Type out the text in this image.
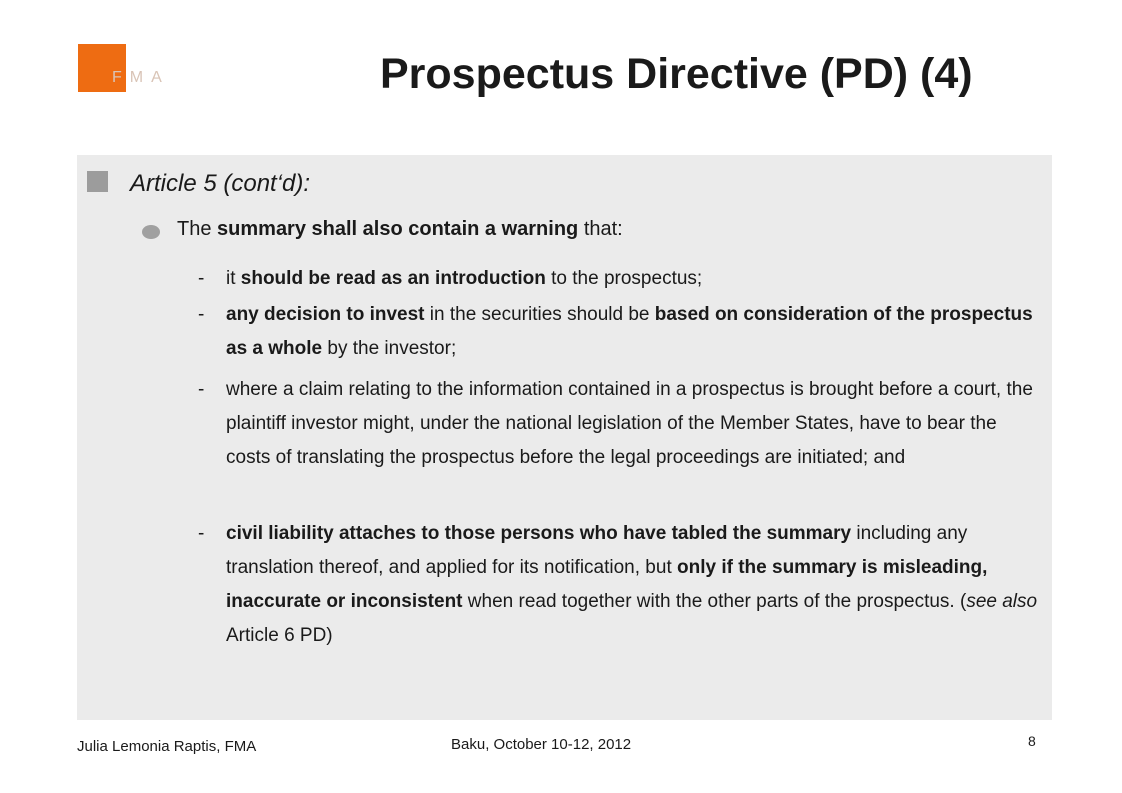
FMA	Prospectus Directive (PD) (4)
Article 5 (cont‘d):
The summary shall also contain a warning that:
- it should be read as an introduction to the prospectus;
- any decision to invest in the securities should be based on consideration of the prospectus as a whole by the investor;
- where a claim relating to the information contained in a prospectus is brought before a court, the plaintiff investor might, under the national legislation of the Member States, have to bear the costs of translating the prospectus before the legal proceedings are initiated; and
- civil liability attaches to those persons who have tabled the summary including any translation thereof, and applied for its notification, but only if the summary is misleading, inaccurate or inconsistent when read together with the other parts of the prospectus. (see also Article 6 PD)
Julia Lemonia Raptis, FMA	Baku, October 10-12, 2012	8
